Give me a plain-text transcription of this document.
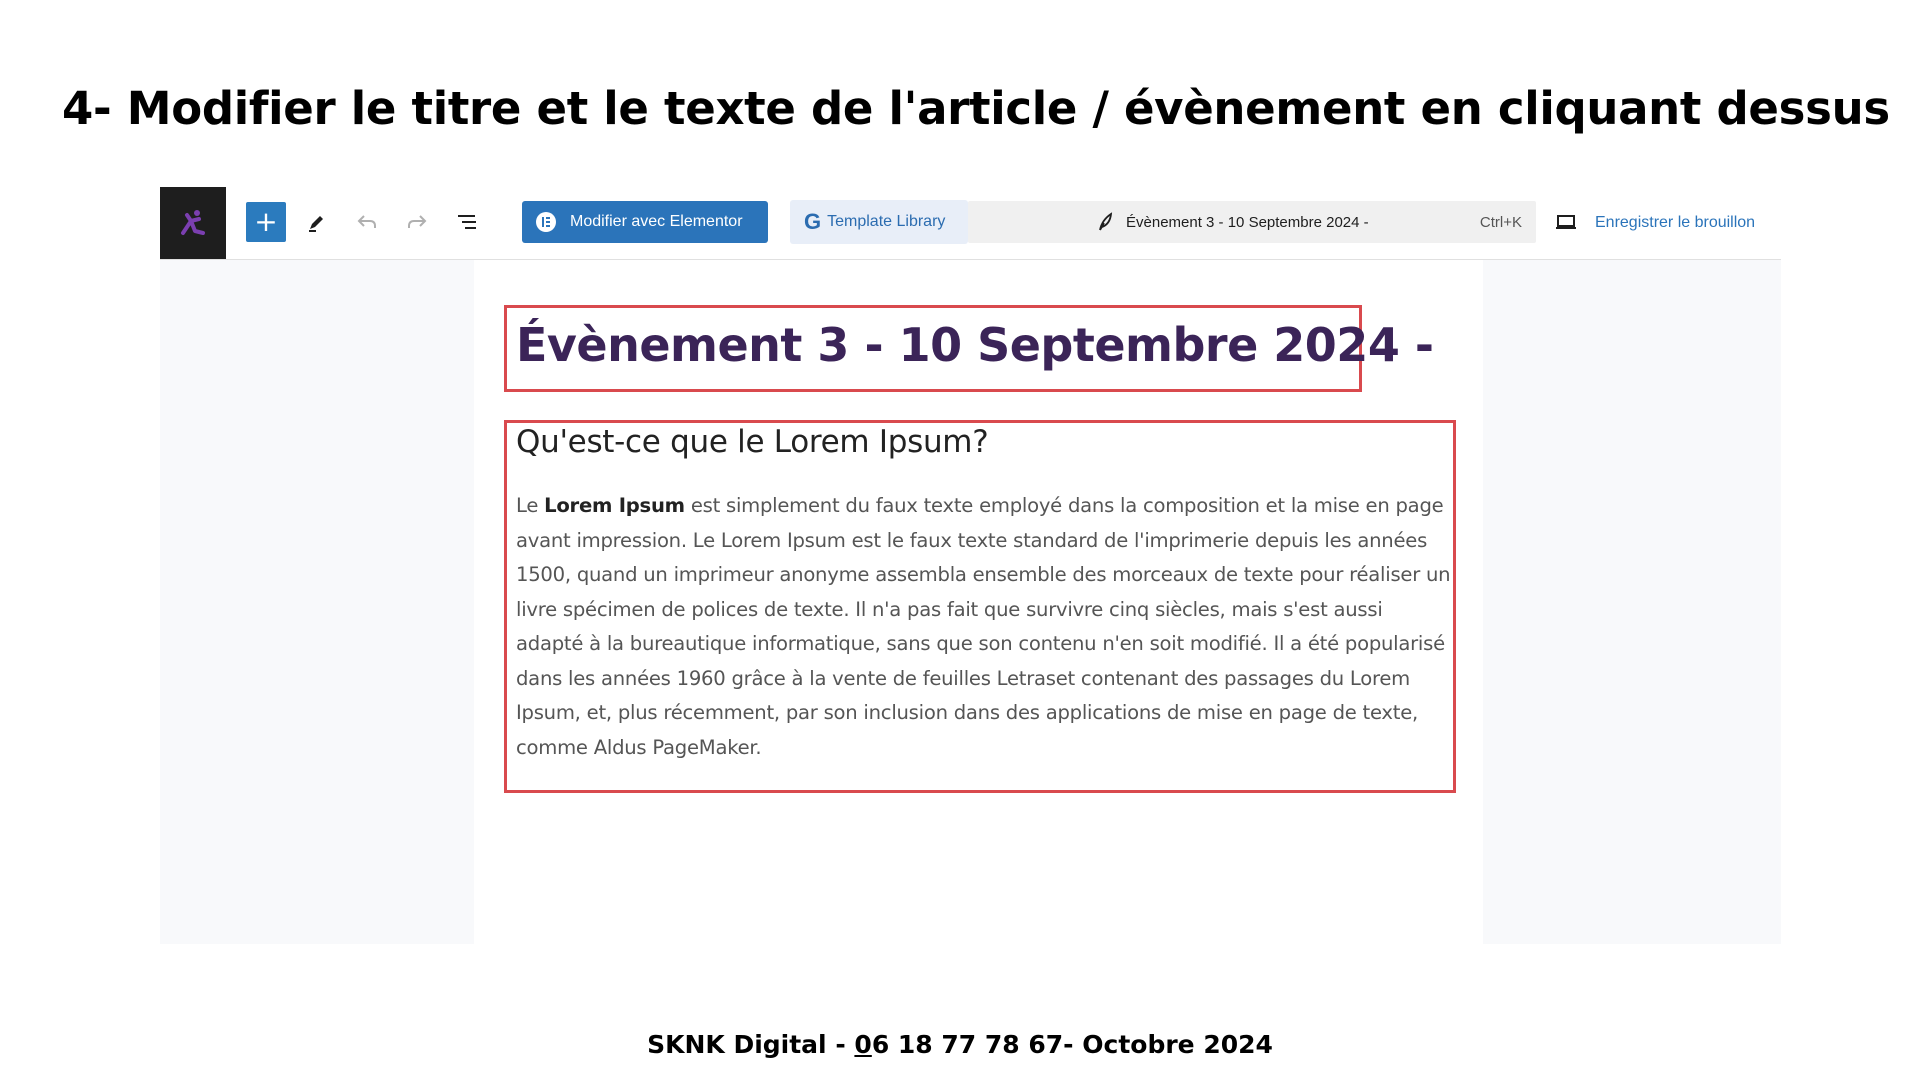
4- Modifier le titre et le texte de l'article / évènement en cliquant dessus
+	Modifier avec Elementor	G Template Library	Évènement 3 - 10 Septembre 2024 -	Ctrl+K	Enregistrer le brouillon
Évènement 3 - 10 Septembre 2024 -
Qu'est-ce que le Lorem Ipsum?

Le Lorem Ipsum est simplement du faux texte employé dans la composition et la mise en page avant impression. Le Lorem Ipsum est le faux texte standard de l'imprimerie depuis les années 1500, quand un imprimeur anonyme assembla ensemble des morceaux de texte pour réaliser un livre spécimen de polices de texte. Il n'a pas fait que survivre cinq siècles, mais s'est aussi adapté à la bureautique informatique, sans que son contenu n'en soit modifié. Il a été popularisé dans les années 1960 grâce à la vente de feuilles Letraset contenant des passages du Lorem Ipsum, et, plus récemment, par son inclusion dans des applications de mise en page de texte, comme Aldus PageMaker.

SKNK Digital - 06 18 77 78 67- Octobre 2024
